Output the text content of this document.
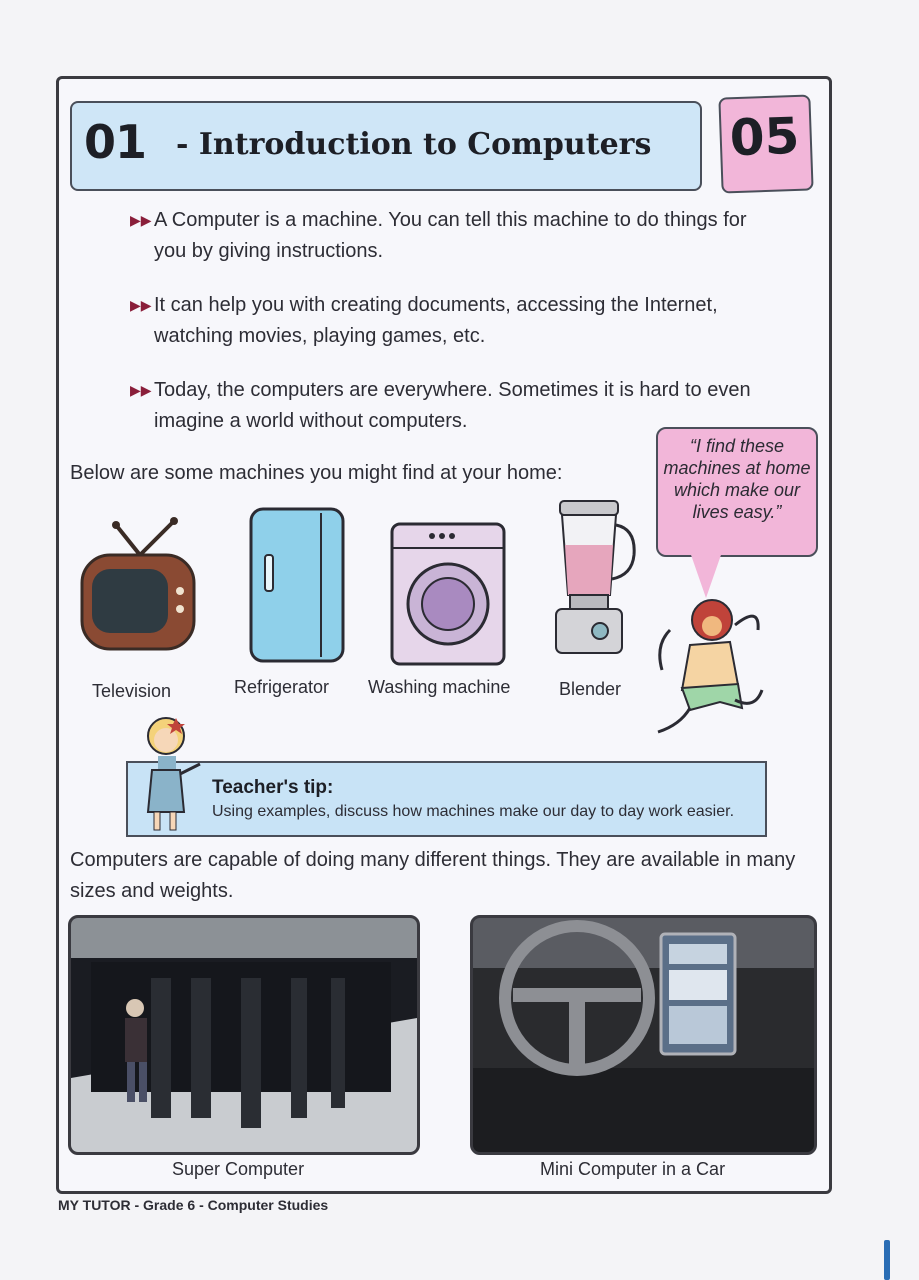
01 - Introduction to Computers 05
▶▶ A Computer is a machine. You can tell this machine to do things for you by giving instructions.
▶▶ It can help you with creating documents, accessing the Internet, watching movies, playing games, etc.
▶▶ Today, the computers are everywhere. Sometimes it is hard to even imagine a world without computers.
Below are some machines you might find at your home:
“I find these machines at home which make our lives easy.”
Television	Refrigerator Washing machine	Blender
Teacher's tip:
Using examples, discuss how machines make our day to day work easier.
Computers are capable of doing many different things. They are available in many sizes and weights.
Super Computer	Mini Computer in a Car
MY TUTOR - Grade 6 - Computer Studies
